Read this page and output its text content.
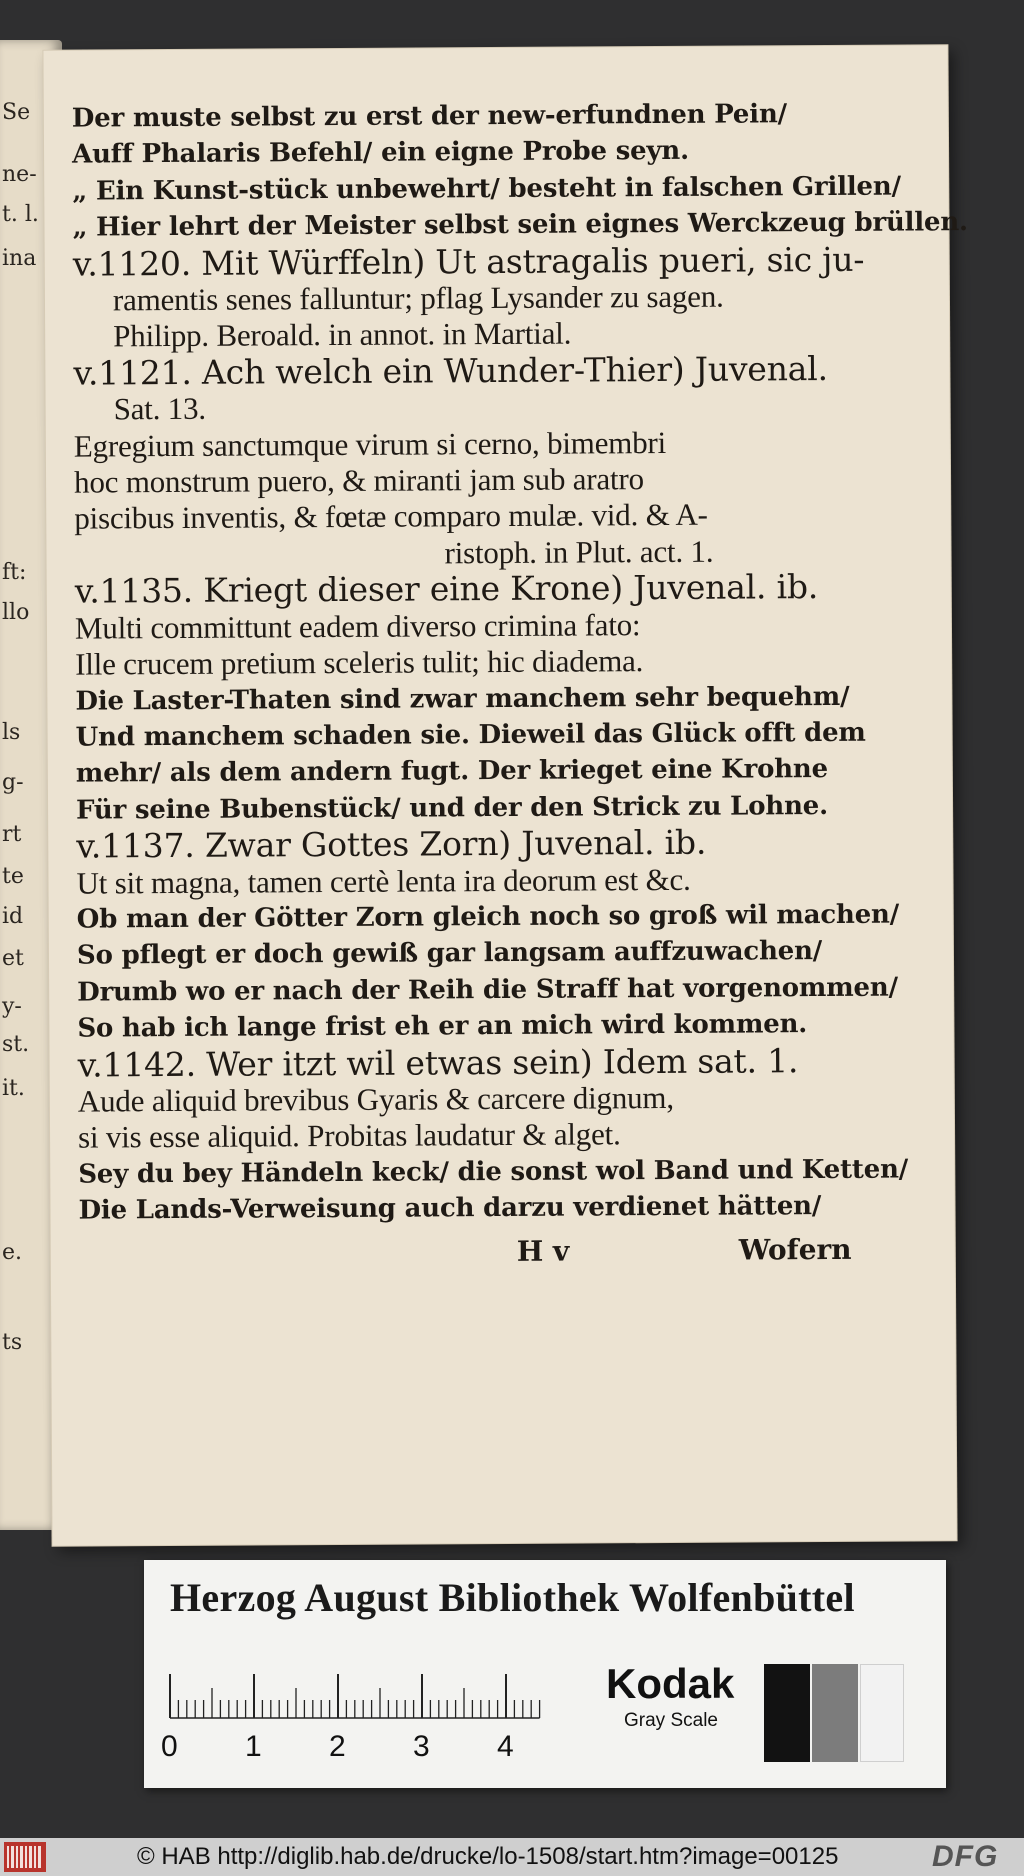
Se
ne-
t. l.
ina
ft:
llo
ls
g-
rt
te
id
et
y-
st.
it.
e.
ts
Der muste selbst zu erst der new-erfundnen Pein/
Auff Phalaris Befehl/ ein eigne Probe seyn.
„ Ein Kunst-stück unbewehrt/ besteht in falschen Grillen/
„ Hier lehrt der Meister selbst sein eignes Werckzeug brüllen.
v.1120. Mit Würffeln) Ut astragalis pueri, sic ju-
ramentis senes falluntur; pflag Lysander zu sagen.
Philipp. Beroald. in annot. in Martial.
v.1121. Ach welch ein Wunder-Thier) Juvenal.
Sat. 13.
Egregium sanctumque virum si cerno, bimembri
hoc monstrum puero, & miranti jam sub aratro
piscibus inventis, & fœtæ comparo mulæ. vid. & A-
ristoph. in Plut. act. 1.
v.1135. Kriegt dieser eine Krone) Juvenal. ib.
Multi committunt eadem diverso crimina fato:
Ille crucem pretium sceleris tulit; hic diadema.
Die Laster-Thaten sind zwar manchem sehr bequehm/
Und manchem schaden sie. Dieweil das Glück offt dem
mehr/ als dem andern fugt. Der krieget eine Krohne
Für seine Bubenstück/ und der den Strick zu Lohne.
v.1137. Zwar Gottes Zorn) Juvenal. ib.
Ut sit magna, tamen certè lenta ira deorum est &c.
Ob man der Götter Zorn gleich noch so groß wil machen/
So pflegt er doch gewiß gar langsam auffzuwachen/
Drumb wo er nach der Reih die Straff hat vorgenommen/
So hab ich lange frist eh er an mich wird kommen.
v.1142. Wer itzt wil etwas sein) Idem sat. 1.
Aude aliquid brevibus Gyaris & carcere dignum,
si vis esse aliquid. Probitas laudatur & alget.
Sey du bey Händeln keck/ die sonst wol Band und Ketten/
Die Lands-Verweisung auch darzu verdienet hätten/
H v	Wofern
Herzog August Bibliothek Wolfenbüttel
0 1 2 3 4
Kodak
Gray Scale
© HAB http://diglib.hab.de/drucke/lo-1508/start.htm?image=00125	DFG
